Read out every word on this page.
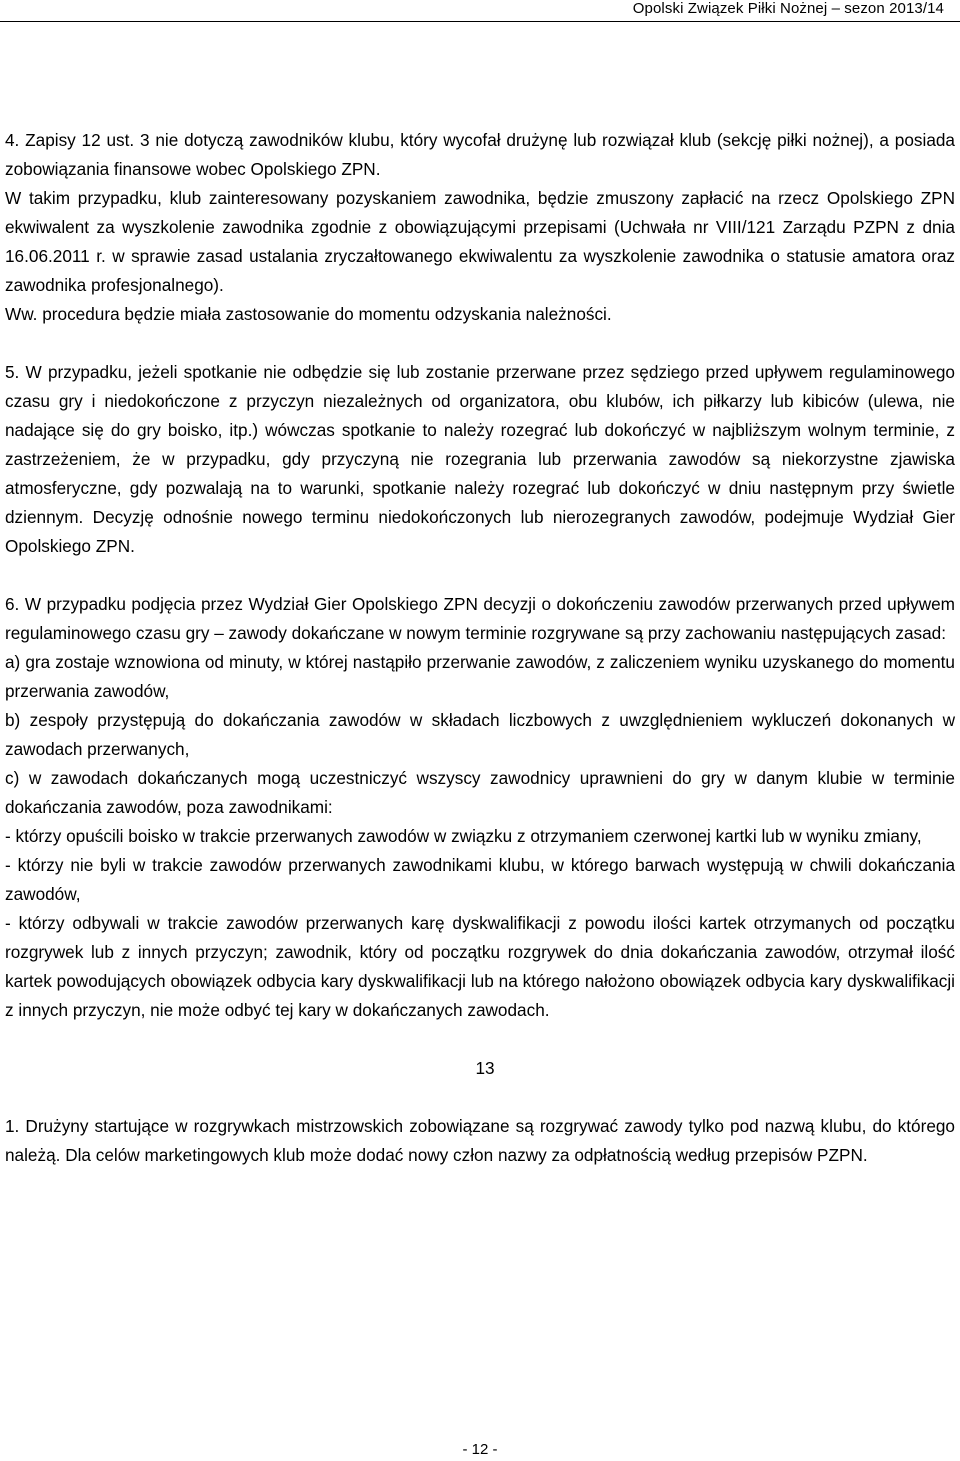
Opolski Związek Piłki Nożnej – sezon 2013/14

4. Zapisy 12 ust. 3 nie dotyczą zawodników klubu, który wycofał drużynę lub rozwiązał klub (sekcję piłki nożnej), a posiada zobowiązania finansowe wobec Opolskiego ZPN.

W takim przypadku, klub zainteresowany pozyskaniem zawodnika, będzie zmuszony zapłacić na rzecz Opolskiego ZPN ekwiwalent za wyszkolenie zawodnika zgodnie z obowiązującymi przepisami (Uchwała nr VIII/121 Zarządu PZPN z dnia 16.06.2011 r. w sprawie zasad ustalania zryczałtowanego ekwiwalentu za wyszkolenie zawodnika o statusie amatora oraz zawodnika profesjonalnego).

Ww. procedura będzie miała zastosowanie do momentu odzyskania należności.

5. W przypadku, jeżeli spotkanie nie odbędzie się lub zostanie przerwane przez sędziego przed upływem regulaminowego czasu gry i niedokończone z przyczyn niezależnych od organizatora, obu klubów, ich piłkarzy lub kibiców (ulewa, nie nadające się do gry boisko, itp.) wówczas spotkanie to należy rozegrać lub dokończyć w najbliższym wolnym terminie, z zastrzeżeniem, że w przypadku, gdy przyczyną nie rozegrania lub przerwania zawodów są niekorzystne zjawiska atmosferyczne, gdy pozwalają na to warunki, spotkanie należy rozegrać lub dokończyć w dniu następnym przy świetle dziennym. Decyzję odnośnie nowego terminu niedokończonych lub nierozegranych zawodów, podejmuje Wydział Gier Opolskiego ZPN.

6. W przypadku podjęcia przez Wydział Gier Opolskiego ZPN decyzji o dokończeniu zawodów przerwanych przed upływem regulaminowego czasu gry – zawody dokańczane w nowym terminie rozgrywane są przy zachowaniu następujących zasad:

a) gra zostaje wznowiona od minuty, w której nastąpiło przerwanie zawodów, z zaliczeniem wyniku uzyskanego do momentu przerwania zawodów,

b) zespoły przystępują do dokańczania zawodów w składach liczbowych z uwzględnieniem wykluczeń dokonanych w zawodach przerwanych,

c) w zawodach dokańczanych mogą uczestniczyć wszyscy zawodnicy uprawnieni do gry w danym klubie w terminie dokańczania zawodów, poza zawodnikami:

- którzy opuścili boisko w trakcie przerwanych zawodów w związku z otrzymaniem czerwonej kartki lub w wyniku zmiany,

- którzy nie byli w trakcie zawodów przerwanych zawodnikami klubu, w którego barwach występują w chwili dokańczania zawodów,

- którzy odbywali w trakcie zawodów przerwanych karę dyskwalifikacji z powodu ilości kartek otrzymanych od początku rozgrywek lub z innych przyczyn; zawodnik, który od początku rozgrywek do dnia dokańczania zawodów, otrzymał ilość kartek powodujących obowiązek odbycia kary dyskwalifikacji lub na którego nałożono obowiązek odbycia kary dyskwalifikacji z innych przyczyn, nie może odbyć tej kary w dokańczanych zawodach.

13

1. Drużyny startujące w rozgrywkach mistrzowskich zobowiązane są rozgrywać zawody tylko pod nazwą klubu, do którego należą. Dla celów marketingowych klub może dodać nowy człon nazwy za odpłatnością według przepisów PZPN.

- 12 -
